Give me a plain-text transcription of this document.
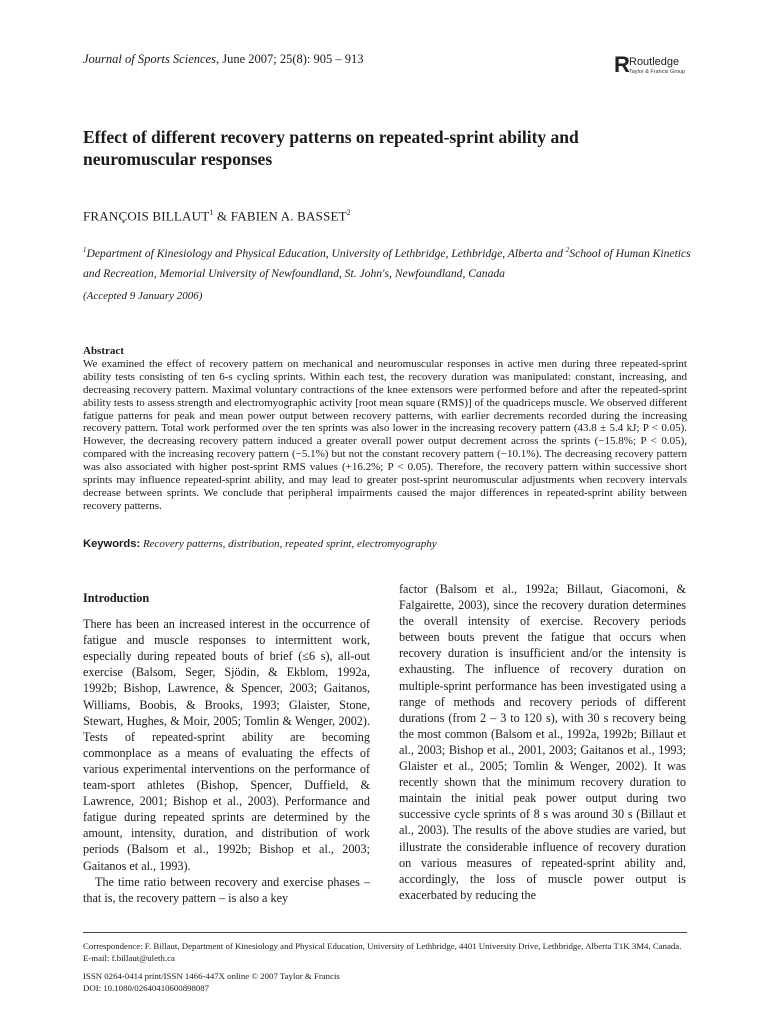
Journal of Sports Sciences, June 2007; 25(8): 905 – 913	R Routledge
Taylor & Francis Group
Effect of different recovery patterns on repeated-sprint ability and neuromuscular responses
FRANÇOIS BILLAUT$^1$ & FABIEN A. BASSET$^2$
$^1$Department of Kinesiology and Physical Education, University of Lethbridge, Lethbridge, Alberta and $^2$School of Human Kinetics and Recreation, Memorial University of Newfoundland, St. John's, Newfoundland, Canada
(Accepted 9 January 2006)
Abstract
We examined the effect of recovery pattern on mechanical and neuromuscular responses in active men during three repeated-sprint ability tests consisting of ten 6-s cycling sprints. Within each test, the recovery duration was manipulated: constant, increasing, and decreasing recovery pattern. Maximal voluntary contractions of the knee extensors were performed before and after the repeated-sprint ability tests to assess strength and electromyographic activity [root mean square (RMS)] of the quadriceps muscle. We observed different fatigue patterns for peak and mean power output between recovery patterns, with earlier decrements recorded during the increasing recovery pattern. Total work performed over the ten sprints was also lower in the increasing recovery pattern (43.8 ± 5.4 kJ; P < 0.05). However, the decreasing recovery pattern induced a greater overall power output decrement across the sprints (−15.8%; P < 0.05), compared with the increasing recovery pattern (−5.1%) but not the constant recovery pattern (−10.1%). The decreasing recovery pattern was also associated with higher post-sprint RMS values (+16.2%; P < 0.05). Therefore, the recovery pattern within successive short sprints may influence repeated-sprint ability, and may lead to greater post-sprint neuromuscular adjustments when recovery intervals decrease between sprints. We conclude that peripheral impairments caused the major differences in repeated-sprint ability between recovery patterns.
Keywords: Recovery patterns, distribution, repeated sprint, electromyography
Introduction

There has been an increased interest in the occurrence of fatigue and muscle responses to intermittent work, especially during repeated bouts of brief (≤6 s), all-out exercise (Balsom, Seger, Sjödin, & Ekblom, 1992a, 1992b; Bishop, Lawrence, & Spencer, 2003; Gaitanos, Williams, Boobis, & Brooks, 1993; Glaister, Stone, Stewart, Hughes, & Moir, 2005; Tomlin & Wenger, 2002). Tests of repeated-sprint ability are becoming commonplace as a means of evaluating the effects of various experimental interventions on the performance of team-sport athletes (Bishop, Spencer, Duffield, & Lawrence, 2001; Bishop et al., 2003). Performance and fatigue during repeated sprints are determined by the amount, intensity, duration, and distribution of work periods (Balsom et al., 1992b; Bishop et al., 2003; Gaitanos et al., 1993).

The time ratio between recovery and exercise phases – that is, the recovery pattern – is also a key

factor (Balsom et al., 1992a; Billaut, Giacomoni, & Falgairette, 2003), since the recovery duration determines the overall intensity of exercise. Recovery periods between bouts prevent the fatigue that occurs when recovery duration is insufficient and/or the intensity is exhausting. The influence of recovery duration on multiple-sprint performance has been investigated using a range of methods and recovery periods of different durations (from 2 – 3 to 120 s), with 30 s recovery being the most common (Balsom et al., 1992a, 1992b; Billaut et al., 2003; Bishop et al., 2001, 2003; Gaitanos et al., 1993; Glaister et al., 2005; Tomlin & Wenger, 2002). It was recently shown that the minimum recovery duration to maintain the initial peak power output during two successive cycle sprints of 8 s was around 30 s (Billaut et al., 2003). The results of the above studies are varied, but illustrate the considerable influence of recovery duration on various measures of repeated-sprint ability and, accordingly, the loss of muscle power output is exacerbated by reducing the

Correspondence: F. Billaut, Department of Kinesiology and Physical Education, University of Lethbridge, 4401 University Drive, Lethbridge, Alberta T1K 3M4, Canada. E-mail: f.billaut@uleth.ca

ISSN 0264-0414 print/ISSN 1466-447X online © 2007 Taylor & Francis

DOI: 10.1080/02640410600898087
